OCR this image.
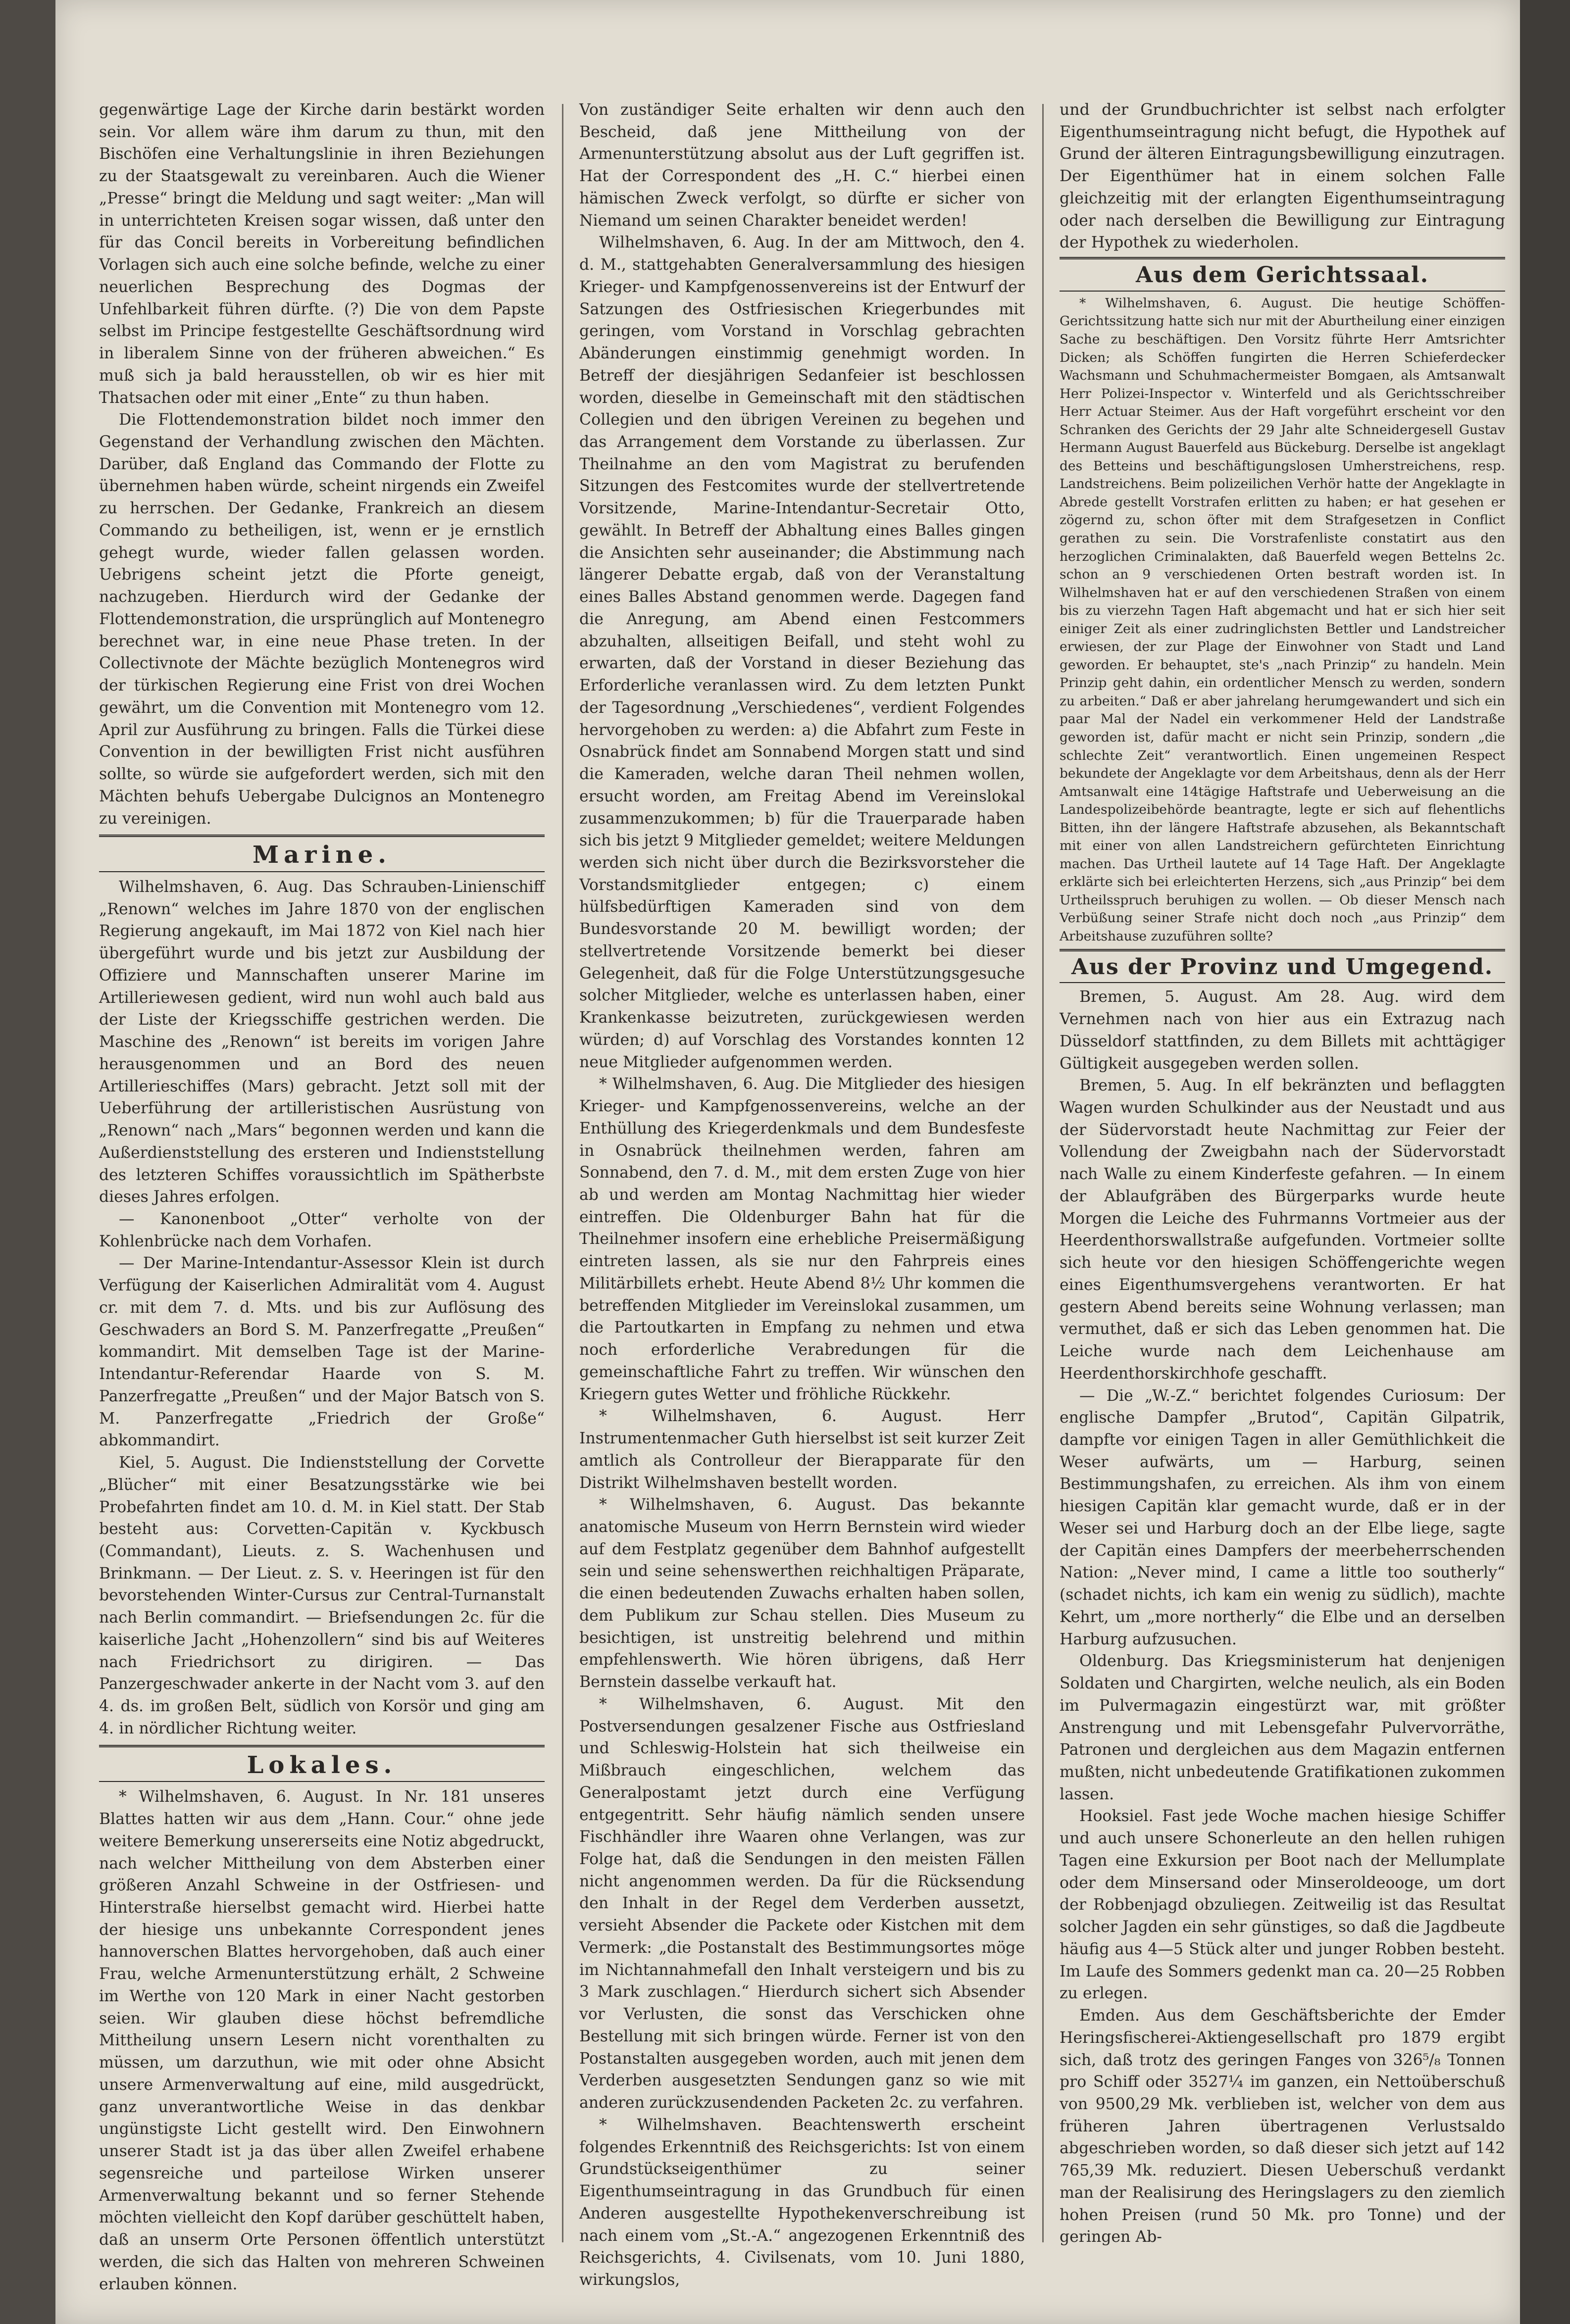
gegenwärtige Lage der Kirche darin bestärkt worden sein. Vor allem wäre ihm darum zu thun, mit den Bischöfen eine Verhaltungslinie in ihren Beziehungen zu der Staatsgewalt zu vereinbaren. Auch die Wiener „Presse“ bringt die Meldung und sagt weiter: „Man will in unterrichteten Kreisen sogar wissen, daß unter den für das Concil bereits in Vorbereitung befindlichen Vorlagen sich auch eine solche befinde, welche zu einer neuerlichen Besprechung des Dogmas der Unfehlbarkeit führen dürfte. (?) Die von dem Papste selbst im Principe festgestellte Geschäftsordnung wird in liberalem Sinne von der früheren abweichen.“ Es muß sich ja bald herausstellen, ob wir es hier mit Thatsachen oder mit einer „Ente“ zu thun haben.

Die Flottendemonstration bildet noch immer den Gegenstand der Verhandlung zwischen den Mächten. Darüber, daß England das Commando der Flotte zu übernehmen haben würde, scheint nirgends ein Zweifel zu herrschen. Der Gedanke, Frankreich an diesem Commando zu betheiligen, ist, wenn er je ernstlich gehegt wurde, wieder fallen gelassen worden. Uebrigens scheint jetzt die Pforte geneigt, nachzugeben. Hierdurch wird der Gedanke der Flottendemonstration, die ursprünglich auf Montenegro berechnet war, in eine neue Phase treten. In der Collectivnote der Mächte bezüglich Montenegros wird der türkischen Regierung eine Frist von drei Wochen gewährt, um die Convention mit Montenegro vom 12. April zur Ausführung zu bringen. Falls die Türkei diese Convention in der bewilligten Frist nicht ausführen sollte, so würde sie aufgefordert werden, sich mit den Mächten behufs Uebergabe Dulcignos an Montenegro zu vereinigen.

Marine.

Wilhelmshaven, 6. Aug. Das Schrauben-Linienschiff „Renown“ welches im Jahre 1870 von der englischen Regierung angekauft, im Mai 1872 von Kiel nach hier übergeführt wurde und bis jetzt zur Ausbildung der Offiziere und Mannschaften unserer Marine im Artilleriewesen gedient, wird nun wohl auch bald aus der Liste der Kriegsschiffe gestrichen werden. Die Maschine des „Renown“ ist bereits im vorigen Jahre herausgenommen und an Bord des neuen Artillerieschiffes (Mars) gebracht. Jetzt soll mit der Ueberführung der artilleristischen Ausrüstung von „Renown“ nach „Mars“ begonnen werden und kann die Außerdienststellung des ersteren und Indienststellung des letzteren Schiffes voraussichtlich im Spätherbste dieses Jahres erfolgen.

— Kanonenboot „Otter“ verholte von der Kohlenbrücke nach dem Vorhafen.

— Der Marine-Intendantur-Assessor Klein ist durch Verfügung der Kaiserlichen Admiralität vom 4. August cr. mit dem 7. d. Mts. und bis zur Auflösung des Geschwaders an Bord S. M. Panzerfregatte „Preußen“ kommandirt. Mit demselben Tage ist der Marine-Intendantur-Referendar Haarde von S. M. Panzerfregatte „Preußen“ und der Major Batsch von S. M. Panzerfregatte „Friedrich der Große“ abkommandirt.

Kiel, 5. August. Die Indienststellung der Corvette „Blücher“ mit einer Besatzungsstärke wie bei Probefahrten findet am 10. d. M. in Kiel statt. Der Stab besteht aus: Corvetten-Capitän v. Kyckbusch (Commandant), Lieuts. z. S. Wachenhusen und Brinkmann. — Der Lieut. z. S. v. Heeringen ist für den bevorstehenden Winter-Cursus zur Central-Turnanstalt nach Berlin commandirt. — Briefsendungen 2c. für die kaiserliche Jacht „Hohenzollern“ sind bis auf Weiteres nach Friedrichsort zu dirigiren. — Das Panzergeschwader ankerte in der Nacht vom 3. auf den 4. ds. im großen Belt, südlich von Korsör und ging am 4. in nördlicher Richtung weiter.

Lokales.

* Wilhelmshaven, 6. August. In Nr. 181 unseres Blattes hatten wir aus dem „Hann. Cour.“ ohne jede weitere Bemerkung unsererseits eine Notiz abgedruckt, nach welcher Mittheilung von dem Absterben einer größeren Anzahl Schweine in der Ostfriesen- und Hinterstraße hierselbst gemacht wird. Hierbei hatte der hiesige uns unbekannte Correspondent jenes hannoverschen Blattes hervorgehoben, daß auch einer Frau, welche Armenunterstützung erhält, 2 Schweine im Werthe von 120 Mark in einer Nacht gestorben seien. Wir glauben diese höchst befremdliche Mittheilung unsern Lesern nicht vorenthalten zu müssen, um darzuthun, wie mit oder ohne Absicht unsere Armenverwaltung auf eine, mild ausgedrückt, ganz unverantwortliche Weise in das denkbar ungünstigste Licht gestellt wird. Den Einwohnern unserer Stadt ist ja das über allen Zweifel erhabene segensreiche und parteilose Wirken unserer Armenverwaltung bekannt und so ferner Stehende möchten vielleicht den Kopf darüber geschüttelt haben, daß an unserm Orte Personen öffentlich unterstützt werden, die sich das Halten von mehreren Schweinen erlauben können.

Von zuständiger Seite erhalten wir denn auch den Bescheid, daß jene Mittheilung von der Armenunterstützung absolut aus der Luft gegriffen ist. Hat der Correspondent des „H. C.“ hierbei einen hämischen Zweck verfolgt, so dürfte er sicher von Niemand um seinen Charakter beneidet werden!

Wilhelmshaven, 6. Aug. In der am Mittwoch, den 4. d. M., stattgehabten Generalversammlung des hiesigen Krieger- und Kampfgenossenvereins ist der Entwurf der Satzungen des Ostfriesischen Kriegerbundes mit geringen, vom Vorstand in Vorschlag gebrachten Abänderungen einstimmig genehmigt worden. In Betreff der diesjährigen Sedanfeier ist beschlossen worden, dieselbe in Gemeinschaft mit den städtischen Collegien und den übrigen Vereinen zu begehen und das Arrangement dem Vorstande zu überlassen. Zur Theilnahme an den vom Magistrat zu berufenden Sitzungen des Festcomites wurde der stellvertretende Vorsitzende, Marine-Intendantur-Secretair Otto, gewählt. In Betreff der Abhaltung eines Balles gingen die Ansichten sehr auseinander; die Abstimmung nach längerer Debatte ergab, daß von der Veranstaltung eines Balles Abstand genommen werde. Dagegen fand die Anregung, am Abend einen Festcommers abzuhalten, allseitigen Beifall, und steht wohl zu erwarten, daß der Vorstand in dieser Beziehung das Erforderliche veranlassen wird. Zu dem letzten Punkt der Tagesordnung „Verschiedenes“, verdient Folgendes hervorgehoben zu werden: a) die Abfahrt zum Feste in Osnabrück findet am Sonnabend Morgen statt und sind die Kameraden, welche daran Theil nehmen wollen, ersucht worden, am Freitag Abend im Vereinslokal zusammenzukommen; b) für die Trauerparade haben sich bis jetzt 9 Mitglieder gemeldet; weitere Meldungen werden sich nicht über durch die Bezirksvorsteher die Vorstandsmitglieder entgegen; c) einem hülfsbedürftigen Kameraden sind von dem Bundesvorstande 20 M. bewilligt worden; der stellvertretende Vorsitzende bemerkt bei dieser Gelegenheit, daß für die Folge Unterstützungsgesuche solcher Mitglieder, welche es unterlassen haben, einer Krankenkasse beizutreten, zurückgewiesen werden würden; d) auf Vorschlag des Vorstandes konnten 12 neue Mitglieder aufgenommen werden.

* Wilhelmshaven, 6. Aug. Die Mitglieder des hiesigen Krieger- und Kampfgenossenvereins, welche an der Enthüllung des Kriegerdenkmals und dem Bundesfeste in Osnabrück theilnehmen werden, fahren am Sonnabend, den 7. d. M., mit dem ersten Zuge von hier ab und werden am Montag Nachmittag hier wieder eintreffen. Die Oldenburger Bahn hat für die Theilnehmer insofern eine erhebliche Preisermäßigung eintreten lassen, als sie nur den Fahrpreis eines Militärbillets erhebt. Heute Abend 8½ Uhr kommen die betreffenden Mitglieder im Vereinslokal zusammen, um die Partoutkarten in Empfang zu nehmen und etwa noch erforderliche Verabredungen für die gemeinschaftliche Fahrt zu treffen. Wir wünschen den Kriegern gutes Wetter und fröhliche Rückkehr.

* Wilhelmshaven, 6. August. Herr Instrumentenmacher Guth hierselbst ist seit kurzer Zeit amtlich als Controlleur der Bierapparate für den Distrikt Wilhelmshaven bestellt worden.

* Wilhelmshaven, 6. August. Das bekannte anatomische Museum von Herrn Bernstein wird wieder auf dem Festplatz gegenüber dem Bahnhof aufgestellt sein und seine sehenswerthen reichhaltigen Präparate, die einen bedeutenden Zuwachs erhalten haben sollen, dem Publikum zur Schau stellen. Dies Museum zu besichtigen, ist unstreitig belehrend und mithin empfehlenswerth. Wie hören übrigens, daß Herr Bernstein dasselbe verkauft hat.

* Wilhelmshaven, 6. August. Mit den Postversendungen gesalzener Fische aus Ostfriesland und Schleswig-Holstein hat sich theilweise ein Mißbrauch eingeschlichen, welchem das Generalpostamt jetzt durch eine Verfügung entgegentritt. Sehr häufig nämlich senden unsere Fischhändler ihre Waaren ohne Verlangen, was zur Folge hat, daß die Sendungen in den meisten Fällen nicht angenommen werden. Da für die Rücksendung den Inhalt in der Regel dem Verderben aussetzt, versieht Absender die Packete oder Kistchen mit dem Vermerk: „die Postanstalt des Bestimmungsortes möge im Nichtannahmefall den Inhalt versteigern und bis zu 3 Mark zuschlagen.“ Hierdurch sichert sich Absender vor Verlusten, die sonst das Verschicken ohne Bestellung mit sich bringen würde. Ferner ist von den Postanstalten ausgegeben worden, auch mit jenen dem Verderben ausgesetzten Sendungen ganz so wie mit anderen zurückzusendenden Packeten 2c. zu verfahren.

* Wilhelmshaven. Beachtenswerth erscheint folgendes Erkenntniß des Reichsgerichts: Ist von einem Grundstückseigenthümer zu seiner Eigenthumseintragung in das Grundbuch für einen Anderen ausgestellte Hypothekenverschreibung ist nach einem vom „St.-A.“ angezogenen Erkenntniß des Reichsgerichts, 4. Civilsenats, vom 10. Juni 1880, wirkungslos,

und der Grundbuchrichter ist selbst nach erfolgter Eigenthumseintragung nicht befugt, die Hypothek auf Grund der älteren Eintragungsbewilligung einzutragen. Der Eigenthümer hat in einem solchen Falle gleichzeitig mit der erlangten Eigenthumseintragung oder nach derselben die Bewilligung zur Eintragung der Hypothek zu wiederholen.

Aus dem Gerichtssaal.

* Wilhelmshaven, 6. August. Die heutige Schöffen-Gerichtssitzung hatte sich nur mit der Aburtheilung einer einzigen Sache zu beschäftigen. Den Vorsitz führte Herr Amtsrichter Dicken; als Schöffen fungirten die Herren Schieferdecker Wachsmann und Schuhmachermeister Bomgaen, als Amtsanwalt Herr Polizei-Inspector v. Winterfeld und als Gerichtsschreiber Herr Actuar Steimer. Aus der Haft vorgeführt erscheint vor den Schranken des Gerichts der 29 Jahr alte Schneidergesell Gustav Hermann August Bauerfeld aus Bückeburg. Derselbe ist angeklagt des Betteins und beschäftigungslosen Umherstreichens, resp. Landstreichens. Beim polizeilichen Verhör hatte der Angeklagte in Abrede gestellt Vorstrafen erlitten zu haben; er hat gesehen er zögernd zu, schon öfter mit dem Strafgesetzen in Conflict gerathen zu sein. Die Vorstrafenliste constatirt aus den herzoglichen Criminalakten, daß Bauerfeld wegen Bettelns 2c. schon an 9 verschiedenen Orten bestraft worden ist. In Wilhelmshaven hat er auf den verschiedenen Straßen von einem bis zu vierzehn Tagen Haft abgemacht und hat er sich hier seit einiger Zeit als einer zudringlichsten Bettler und Landstreicher erwiesen, der zur Plage der Einwohner von Stadt und Land geworden. Er behauptet, ste's „nach Prinzip“ zu handeln. Mein Prinzip geht dahin, ein ordentlicher Mensch zu werden, sondern zu arbeiten.“ Daß er aber jahrelang herumgewandert und sich ein paar Mal der Nadel ein verkommener Held der Landstraße geworden ist, dafür macht er nicht sein Prinzip, sondern „die schlechte Zeit“ verantwortlich. Einen ungemeinen Respect bekundete der Angeklagte vor dem Arbeitshaus, denn als der Herr Amtsanwalt eine 14tägige Haftstrafe und Ueberweisung an die Landespolizeibehörde beantragte, legte er sich auf flehentlichs Bitten, ihn der längere Haftstrafe abzusehen, als Bekanntschaft mit einer von allen Landstreichern gefürchteten Einrichtung machen. Das Urtheil lautete auf 14 Tage Haft. Der Angeklagte erklärte sich bei erleichterten Herzens, sich „aus Prinzip“ bei dem Urtheilsspruch beruhigen zu wollen. — Ob dieser Mensch nach Verbüßung seiner Strafe nicht doch noch „aus Prinzip“ dem Arbeitshause zuzuführen sollte?

Aus der Provinz und Umgegend.

Bremen, 5. August. Am 28. Aug. wird dem Vernehmen nach von hier aus ein Extrazug nach Düsseldorf stattfinden, zu dem Billets mit achttägiger Gültigkeit ausgegeben werden sollen.

Bremen, 5. Aug. In elf bekränzten und beflaggten Wagen wurden Schulkinder aus der Neustadt und aus der Südervorstadt heute Nachmittag zur Feier der Vollendung der Zweigbahn nach der Südervorstadt nach Walle zu einem Kinderfeste gefahren. — In einem der Ablaufgräben des Bürgerparks wurde heute Morgen die Leiche des Fuhrmanns Vortmeier aus der Heerdenthorswallstraße aufgefunden. Vortmeier sollte sich heute vor den hiesigen Schöffengerichte wegen eines Eigenthumsvergehens verantworten. Er hat gestern Abend bereits seine Wohnung verlassen; man vermuthet, daß er sich das Leben genommen hat. Die Leiche wurde nach dem Leichenhause am Heerdenthorskirchhofe geschafft.

— Die „W.-Z.“ berichtet folgendes Curiosum: Der englische Dampfer „Brutod“, Capitän Gilpatrik, dampfte vor einigen Tagen in aller Gemüthlichkeit die Weser aufwärts, um — Harburg, seinen Bestimmungshafen, zu erreichen. Als ihm von einem hiesigen Capitän klar gemacht wurde, daß er in der Weser sei und Harburg doch an der Elbe liege, sagte der Capitän eines Dampfers der meerbeherrschenden Nation: „Never mind, I came a little too southerly“ (schadet nichts, ich kam ein wenig zu südlich), machte Kehrt, um „more northerly“ die Elbe und an derselben Harburg aufzusuchen.

Oldenburg. Das Kriegsministerum hat denjenigen Soldaten und Chargirten, welche neulich, als ein Boden im Pulvermagazin eingestürzt war, mit größter Anstrengung und mit Lebensgefahr Pulvervorräthe, Patronen und dergleichen aus dem Magazin entfernen mußten, nicht unbedeutende Gratifikationen zukommen lassen.

Hooksiel. Fast jede Woche machen hiesige Schiffer und auch unsere Schonerleute an den hellen ruhigen Tagen eine Exkursion per Boot nach der Mellumplate oder dem Minsersand oder Minseroldeooge, um dort der Robbenjagd obzuliegen. Zeitweilig ist das Resultat solcher Jagden ein sehr günstiges, so daß die Jagdbeute häufig aus 4—5 Stück alter und junger Robben besteht. Im Laufe des Sommers gedenkt man ca. 20—25 Robben zu erlegen.

Emden. Aus dem Geschäftsberichte der Emder Heringsfischerei-Aktiengesellschaft pro 1879 ergibt sich, daß trotz des geringen Fanges von 326⁵/₈ Tonnen pro Schiff oder 3527¼ im ganzen, ein Nettoüberschuß von 9500,29 Mk. verblieben ist, welcher von dem aus früheren Jahren übertragenen Verlustsaldo abgeschrieben worden, so daß dieser sich jetzt auf 142 765,39 Mk. reduziert. Diesen Ueberschuß verdankt man der Realisirung des Heringslagers zu den ziemlich hohen Preisen (rund 50 Mk. pro Tonne) und der geringen Ab-
